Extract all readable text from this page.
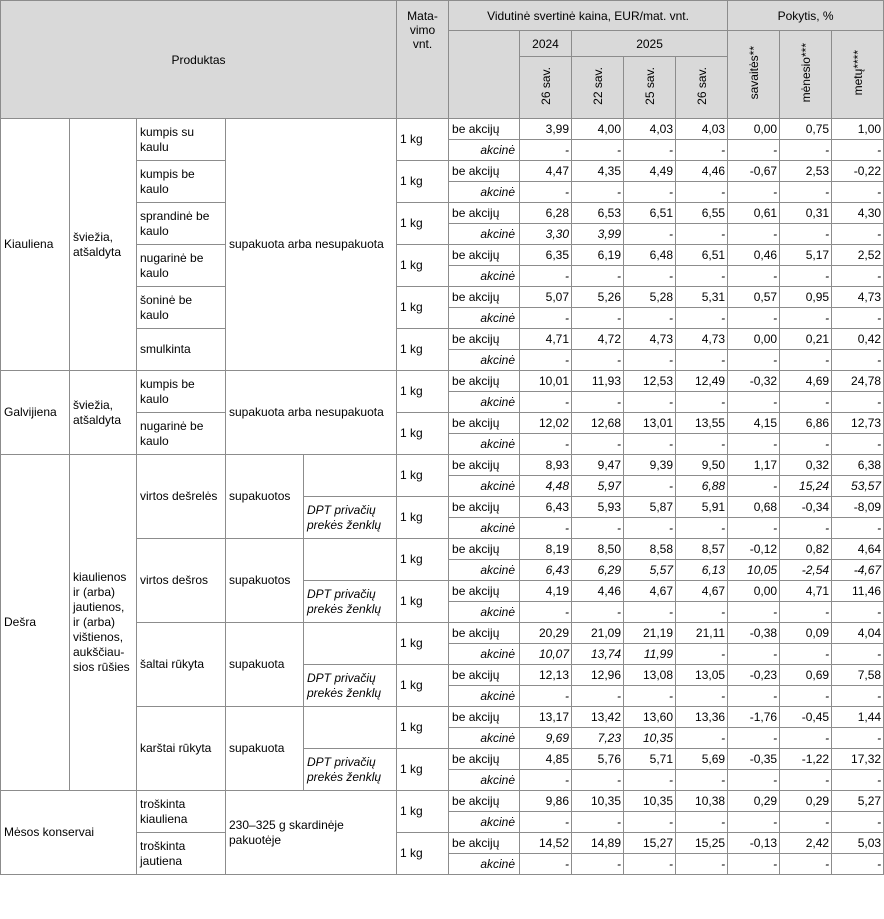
Produktas					Mata-vimo vnt.	Vidutinė svertinė kaina, EUR/mat. vnt.					Pokytis, %		
							2024	2025			savaitės**	mėnesio***	metų****
							26 sav.	22 sav.	25 sav.	26 sav.			
Kiauliena	šviežia, atšaldyta	kumpis su kaulu	supakuota arba nesupakuota		1 kg	be akcijų	3,99	4,00	4,03	4,03	0,00	0,75	1,00
						akcinė	-	-	-	-	-	-	-
		kumpis be kaulo			1 kg	be akcijų	4,47	4,35	4,49	4,46	-0,67	2,53	-0,22
						akcinė	-	-	-	-	-	-	-
		sprandinė be kaulo			1 kg	be akcijų	6,28	6,53	6,51	6,55	0,61	0,31	4,30
						akcinė	3,30	3,99	-	-	-	-	-
		nugarinė be kaulo			1 kg	be akcijų	6,35	6,19	6,48	6,51	0,46	5,17	2,52
						akcinė	-	-	-	-	-	-	-
		šoninė be kaulo			1 kg	be akcijų	5,07	5,26	5,28	5,31	0,57	0,95	4,73
						akcinė	-	-	-	-	-	-	-
		smulkinta			1 kg	be akcijų	4,71	4,72	4,73	4,73	0,00	0,21	0,42
						akcinė	-	-	-	-	-	-	-
Galvijiena	šviežia, atšaldyta	kumpis be kaulo	supakuota arba nesupakuota		1 kg	be akcijų	10,01	11,93	12,53	12,49	-0,32	4,69	24,78
						akcinė	-	-	-	-	-	-	-
		nugarinė be kaulo			1 kg	be akcijų	12,02	12,68	13,01	13,55	4,15	6,86	12,73
						akcinė	-	-	-	-	-	-	-
Dešra	kiaulienos ir (arba) jautienos, ir (arba) vištienos, aukščiau-sios rūšies	virtos dešrelės	supakuotos		1 kg	be akcijų	8,93	9,47	9,39	9,50	1,17	0,32	6,38
						akcinė	4,48	5,97	-	6,88	-	15,24	53,57
				DPT privačių prekės ženklų	1 kg	be akcijų	6,43	5,93	5,87	5,91	0,68	-0,34	-8,09
						akcinė	-	-	-	-	-	-	-
		virtos dešros	supakuotos		1 kg	be akcijų	8,19	8,50	8,58	8,57	-0,12	0,82	4,64
						akcinė	6,43	6,29	5,57	6,13	10,05	-2,54	-4,67
				DPT privačių prekės ženklų	1 kg	be akcijų	4,19	4,46	4,67	4,67	0,00	4,71	11,46
						akcinė	-	-	-	-	-	-	-
		šaltai rūkyta	supakuota		1 kg	be akcijų	20,29	21,09	21,19	21,11	-0,38	0,09	4,04
						akcinė	10,07	13,74	11,99	-	-	-	-
				DPT privačių prekės ženklų	1 kg	be akcijų	12,13	12,96	13,08	13,05	-0,23	0,69	7,58
						akcinė	-	-	-	-	-	-	-
		karštai rūkyta	supakuota		1 kg	be akcijų	13,17	13,42	13,60	13,36	-1,76	-0,45	1,44
						akcinė	9,69	7,23	10,35	-	-	-	-
				DPT privačių prekės ženklų	1 kg	be akcijų	4,85	5,76	5,71	5,69	-0,35	-1,22	17,32
						akcinė	-	-	-	-	-	-	-
Mėsos konservai		troškinta kiauliena	230–325 g skardinėje pakuotėje		1 kg	be akcijų	9,86	10,35	10,35	10,38	0,29	0,29	5,27
						akcinė	-	-	-	-	-	-	-
		troškinta jautiena			1 kg	be akcijų	14,52	14,89	15,27	15,25	-0,13	2,42	5,03
						akcinė	-	-	-	-	-	-	-
